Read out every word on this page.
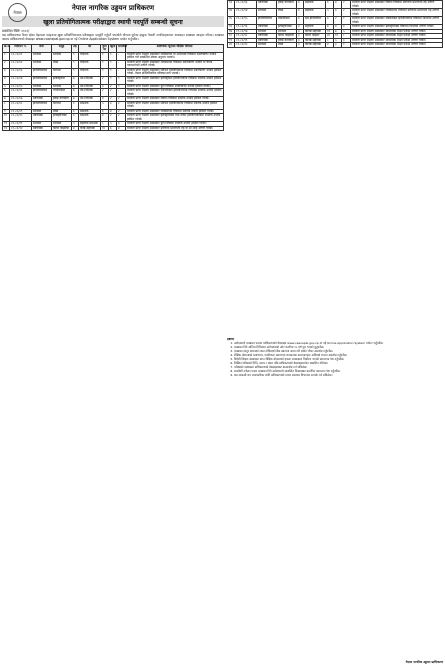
नेपाल	नेपाल नागरिक उड्डयन प्राधिकरण
खुला प्रतियोगितात्मक परीक्षाद्वारा स्थायी पदपूर्ति सम्बन्धी सूचना
प्रकाशित मितिः २०८१/
यस प्राधिकरणमा रिक्त रहेका देहायका पदहरूमा खुला प्रतियोगितात्मक परीक्षाद्वारा पदपूर्ति गर्नुपर्ने भएकोले योग्यता पुगेका इच्छुक नेपाली नागरिकहरूबाट अनलाइन दरखास्त आव्हान गरिन्छ। दरखास्त फाराम प्राधिकरणको वेबसाइट www.caanepal.gov.np मा गई Online Application System मार्फत भर्नुपर्नेछ।
क्र.सं.	विज्ञापन नं.	सेवा	समूह	तह	पद	कुल पद	खुला	समावेशी	आवश्यक न्यूनतम शैक्षिक योग्यता
१	८१-८२/०१	प्रशासन	प्रशासन	९	निर्देशक	१	१	-	मान्यता प्राप्त शिक्षण संस्थाबाट व्यवस्थापन वा अर्थशास्त्र विषयमा स्नातकोत्तर उपाधि हासिल गरी सम्बन्धित क्षेत्रमा अनुभव भएको।
२	८१-८२/०२	प्रशासन	लेखा	९	निर्देशक	१	१	-	मान्यता प्राप्त शिक्षण संस्थाबाट व्यवस्थापन विषयमा स्नातकोत्तर उपाधि वा चार्टर्ड एकाउन्टेन्सी उत्तीर्ण गरेको।
३	८१-८२/०३	इञ्जिनियरिङ	सिभिल	९	निर्देशक	१	१	-	मान्यता प्राप्त शिक्षण संस्थाबाट सिभिल इञ्जिनियरिङ विषयमा स्नातकोत्तर उपाधि हासिल गरेको, नेपाल इञ्जिनियरिङ परिषद्मा दर्ता भएको।
४	८१-८२/०४	इञ्जिनियरिङ	इलेक्ट्रिकल	७	उप-निर्देशक	२	१	१	मान्यता प्राप्त शिक्षण संस्थाबाट इलेक्ट्रिकल इञ्जिनियरिङ विषयमा स्नातक उपाधि हासिल गरेको।
५	८१-८२/०५	प्रशासन	प्रशासन	७	उप-निर्देशक	३	२	१	मान्यता प्राप्त शिक्षण संस्थाबाट कुनै विषयमा स्नातकोत्तर उपाधि हासिल गरेको।
६	८१-८२/०६	इञ्जिनियरिङ	एरोनटिकल	७	उप-निर्देशक	२	२	-	मान्यता प्राप्त शिक्षण संस्थाबाट एरोनटिकल इञ्जिनियरिङ विषयमा स्नातक उपाधि हासिल गरेको।
७	८१-८२/०७	प्राविधिक	हवाई यातायात	७	उप-निर्देशक	४	२	२	मान्यता प्राप्त शिक्षण संस्थाबाट विज्ञान विषयमा स्नातक उपाधि हासिल गरेको।
८	८१-८२/०८	इञ्जिनियरिङ	सिभिल	६	प्रबन्धक	५	३	२	मान्यता प्राप्त शिक्षण संस्थाबाट सिभिल इञ्जिनियरिङ विषयमा स्नातक उपाधि हासिल गरेको।
९	८१-८२/०९	प्रशासन	लेखा	६	प्रबन्धक	६	४	२	मान्यता प्राप्त शिक्षण संस्थाबाट व्यवस्थापन विषयमा स्नातक उपाधि हासिल गरेको।
१०	८१-८२/१०	प्राविधिक	इलेक्ट्रोनिक्स	६	प्रबन्धक	४	२	२	मान्यता प्राप्त शिक्षण संस्थाबाट इलेक्ट्रोनिक्स तथा संचार इञ्जिनियरिङमा स्नातक उपाधि हासिल गरेको।
११	८१-८२/११	प्रशासन	प्रशासन	५	सहायक प्रबन्धक	८	५	३	मान्यता प्राप्त शिक्षण संस्थाबाट कुनै विषयमा स्नातक उपाधि हासिल गरेको।
१२	८१-८२/१२	प्राविधिक	फायर फाइटिङ	४	वरिष्ठ सहायक	१०	६	४	मान्यता प्राप्त शिक्षण संस्थाबाट प्रवीणता प्रमाणपत्र तह वा सो सरह उत्तीर्ण गरेको।
१३	८१-८२/१३	प्राविधिक	हवाई यातायात	४	सहायक	६	४	२	मान्यता प्राप्त शिक्षण संस्थाबाट विज्ञान विषयमा प्रवीणता प्रमाणपत्र तह उत्तीर्ण गरेको।
१४	८१-८२/१४	प्रशासन	लेखा	४	सहायक	५	३	२	मान्यता प्राप्त शिक्षण संस्थाबाट व्यवस्थापन विषयमा प्रवीणता प्रमाणपत्र तह उत्तीर्ण गरेको।
१५	८१-८२/१५	इञ्जिनियरिङ	मेकानिकल	४	सब-इञ्जिनियर	३	२	१	मान्यता प्राप्त शिक्षण संस्थाबाट मेकानिकल इञ्जिनियरिङ विषयमा डिप्लोमा उत्तीर्ण गरेको।
१६	८१-८२/१६	प्राविधिक	इलेक्ट्रोनिक्स	४	सहायक	७	४	३	मान्यता प्राप्त शिक्षण संस्थाबाट इलेक्ट्रोनिक्स विषयमा डिप्लोमा उत्तीर्ण गरेको।
१७	८१-८२/१७	प्रशासन	प्रशासन	३	कनिष्ठ सहायक	१२	७	५	मान्यता प्राप्त शिक्षण संस्थाबाट माध्यमिक शिक्षा परीक्षा उत्तीर्ण गरेको।
१८	८१-८२/१८	प्राविधिक	फायर फाइटिङ	३	फायर फाइटर	२०	१२	८	मान्यता प्राप्त शिक्षण संस्थाबाट माध्यमिक शिक्षा परीक्षा उत्तीर्ण गरेको।
१९	८१-८२/१९	प्राविधिक	हवाई यातायात	३	कनिष्ठ सहायक	८	५	३	मान्यता प्राप्त शिक्षण संस्थाबाट माध्यमिक शिक्षा परीक्षा उत्तीर्ण गरेको।
२०	८१-८२/२०	प्रशासन	लेखा	३	कनिष्ठ सहायक	४	३	१	मान्यता प्राप्त शिक्षण संस्थाबाट माध्यमिक शिक्षा परीक्षा उत्तीर्ण गरेको।
द्रष्टव्यः
1. उम्मेदवारले दरखास्त फाराम प्राधिकरणको वेबसाइट www.caanepal.gov.np मा गई Online Application System मार्फत भर्नुपर्नेछ।
2. दरखास्त दिने अन्तिम मितिसम्म उम्मेदवारको उमेर कम्तीमा १८ वर्ष पूरा भएको हुनुपर्नेछ।
3. दरखास्त दस्तुर बापतको रकम तोकिएको बैंक खातामा जम्मा गरी सोको भौचर अपलोड गर्नुपर्नेछ।
4. शैक्षिक योग्यताको प्रमाणपत्र, नागरिकता प्रमाणपत्र लगायतका कागजातहरू अनिवार्य रूपमा अपलोड गर्नुपर्नेछ।
5. विदेशी शिक्षण संस्थाबाट प्राप्त शैक्षिक योग्यताको हकमा समकक्षता निर्धारण भएको प्रमाणपत्र पेश गर्नुपर्नेछ।
6. लिखित परीक्षाको मिति, समय र स्थान पछि प्राधिकरणको वेबसाइटमार्फत प्रकाशित गरिनेछ।
7. परीक्षाको पाठ्यक्रम प्राधिकरणको वेबसाइटबाट डाउनलोड गर्न सकिनेछ।
8. समावेशी तर्फका पदमा दरखास्त दिने उम्मेदवारले सम्बन्धित निकायबाट प्रमाणित कागजात पेश गर्नुपर्नेछ।
9. यस सम्बन्धी थप जानकारीका लागि प्राधिकरणको मानव संसाधन विभागमा सम्पर्क गर्न सकिनेछ।
नेपाल नागरिक उड्डयन प्राधिकरण
